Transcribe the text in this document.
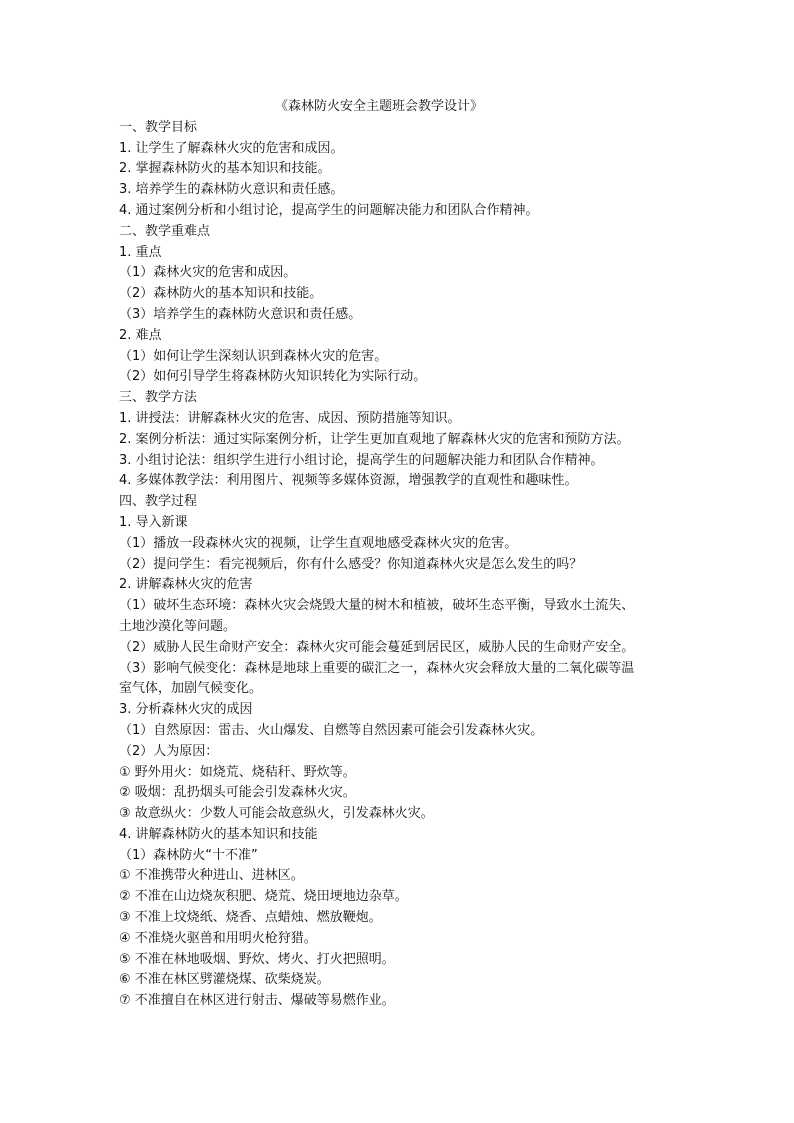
《森林防火安全主题班会教学设计》
一、教学目标
1. 让学生了解森林火灾的危害和成因。
2. 掌握森林防火的基本知识和技能。
3. 培养学生的森林防火意识和责任感。
4. 通过案例分析和小组讨论，提高学生的问题解决能力和团队合作精神。
二、教学重难点
1. 重点
（1）森林火灾的危害和成因。
（2）森林防火的基本知识和技能。
（3）培养学生的森林防火意识和责任感。
2. 难点
（1）如何让学生深刻认识到森林火灾的危害。
（2）如何引导学生将森林防火知识转化为实际行动。
三、教学方法
1. 讲授法：讲解森林火灾的危害、成因、预防措施等知识。
2. 案例分析法：通过实际案例分析，让学生更加直观地了解森林火灾的危害和预防方法。
3. 小组讨论法：组织学生进行小组讨论，提高学生的问题解决能力和团队合作精神。
4. 多媒体教学法：利用图片、视频等多媒体资源，增强教学的直观性和趣味性。
四、教学过程
1. 导入新课
（1）播放一段森林火灾的视频，让学生直观地感受森林火灾的危害。
（2）提问学生：看完视频后，你有什么感受？你知道森林火灾是怎么发生的吗？
2. 讲解森林火灾的危害
（1）破坏生态环境：森林火灾会烧毁大量的树木和植被，破坏生态平衡，导致水土流失、
土地沙漠化等问题。
（2）威胁人民生命财产安全：森林火灾可能会蔓延到居民区，威胁人民的生命财产安全。
（3）影响气候变化：森林是地球上重要的碳汇之一，森林火灾会释放大量的二氧化碳等温
室气体，加剧气候变化。
3. 分析森林火灾的成因
（1）自然原因：雷击、火山爆发、自燃等自然因素可能会引发森林火灾。
（2）人为原因：
① 野外用火：如烧荒、烧秸秆、野炊等。
② 吸烟：乱扔烟头可能会引发森林火灾。
③ 故意纵火：少数人可能会故意纵火，引发森林火灾。
4. 讲解森林防火的基本知识和技能
（1）森林防火“十不准”
① 不准携带火种进山、进林区。
② 不准在山边烧灰积肥、烧荒、烧田埂地边杂草。
③ 不准上坟烧纸、烧香、点蜡烛、燃放鞭炮。
④ 不准烧火驱兽和用明火枪狩猎。
⑤ 不准在林地吸烟、野炊、烤火、打火把照明。
⑥ 不准在林区劈灌烧煤、砍柴烧炭。
⑦ 不准擅自在林区进行射击、爆破等易燃作业。
